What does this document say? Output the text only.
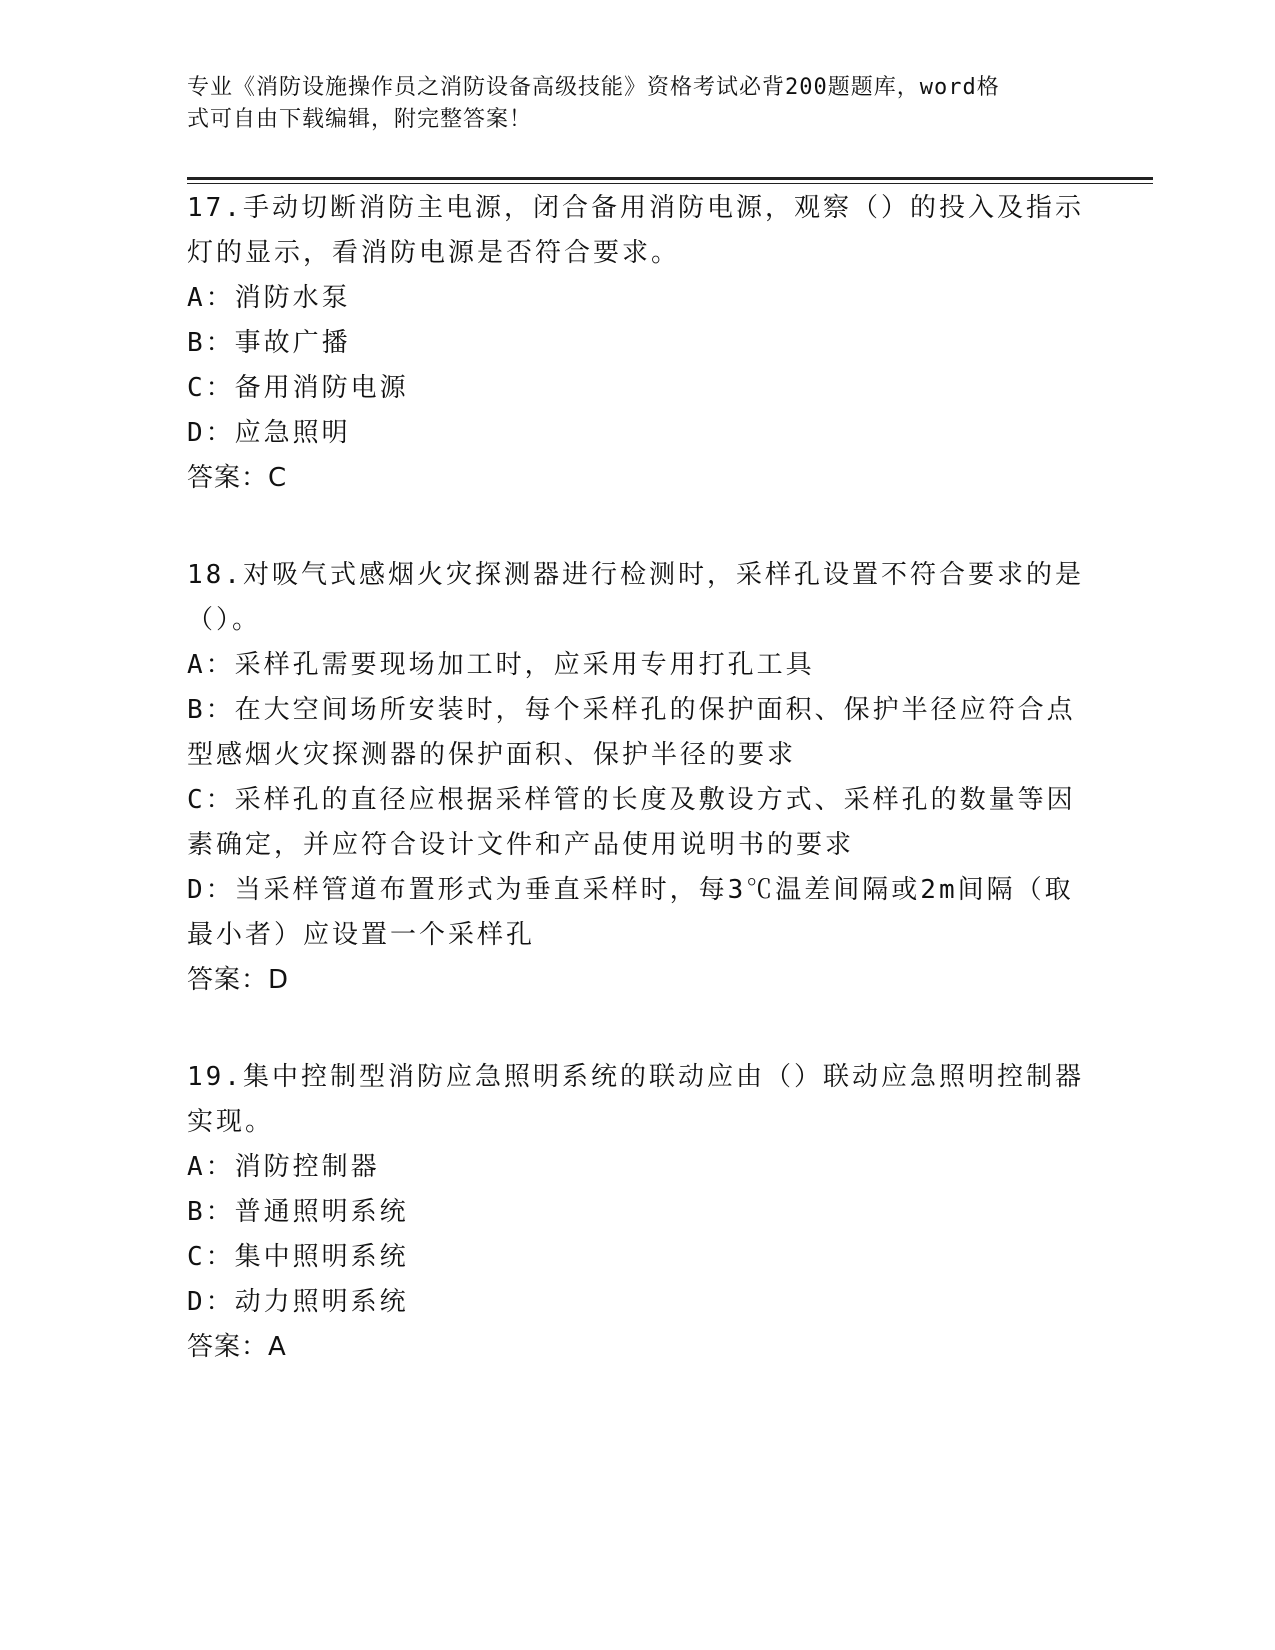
专业《消防设施操作员之消防设备高级技能》资格考试必背200题题库，word格

式可自由下载编辑，附完整答案！

17.手动切断消防主电源，闭合备用消防电源，观察（）的投入及指示灯的显示，看消防电源是否符合要求。

A：消防水泵

B：事故广播

C：备用消防电源

D：应急照明

答案：C

18.对吸气式感烟火灾探测器进行检测时，采样孔设置不符合要求的是（）。

A：采样孔需要现场加工时，应采用专用打孔工具

B：在大空间场所安装时，每个采样孔的保护面积、保护半径应符合点型感烟火灾探测器的保护面积、保护半径的要求

C：采样孔的直径应根据采样管的长度及敷设方式、采样孔的数量等因素确定，并应符合设计文件和产品使用说明书的要求

D：当采样管道布置形式为垂直采样时，每3℃温差间隔或2m间隔（取最小者）应设置一个采样孔

答案：D

19.集中控制型消防应急照明系统的联动应由（）联动应急照明控制器实现。

A：消防控制器

B：普通照明系统

C：集中照明系统

D：动力照明系统

答案：A
